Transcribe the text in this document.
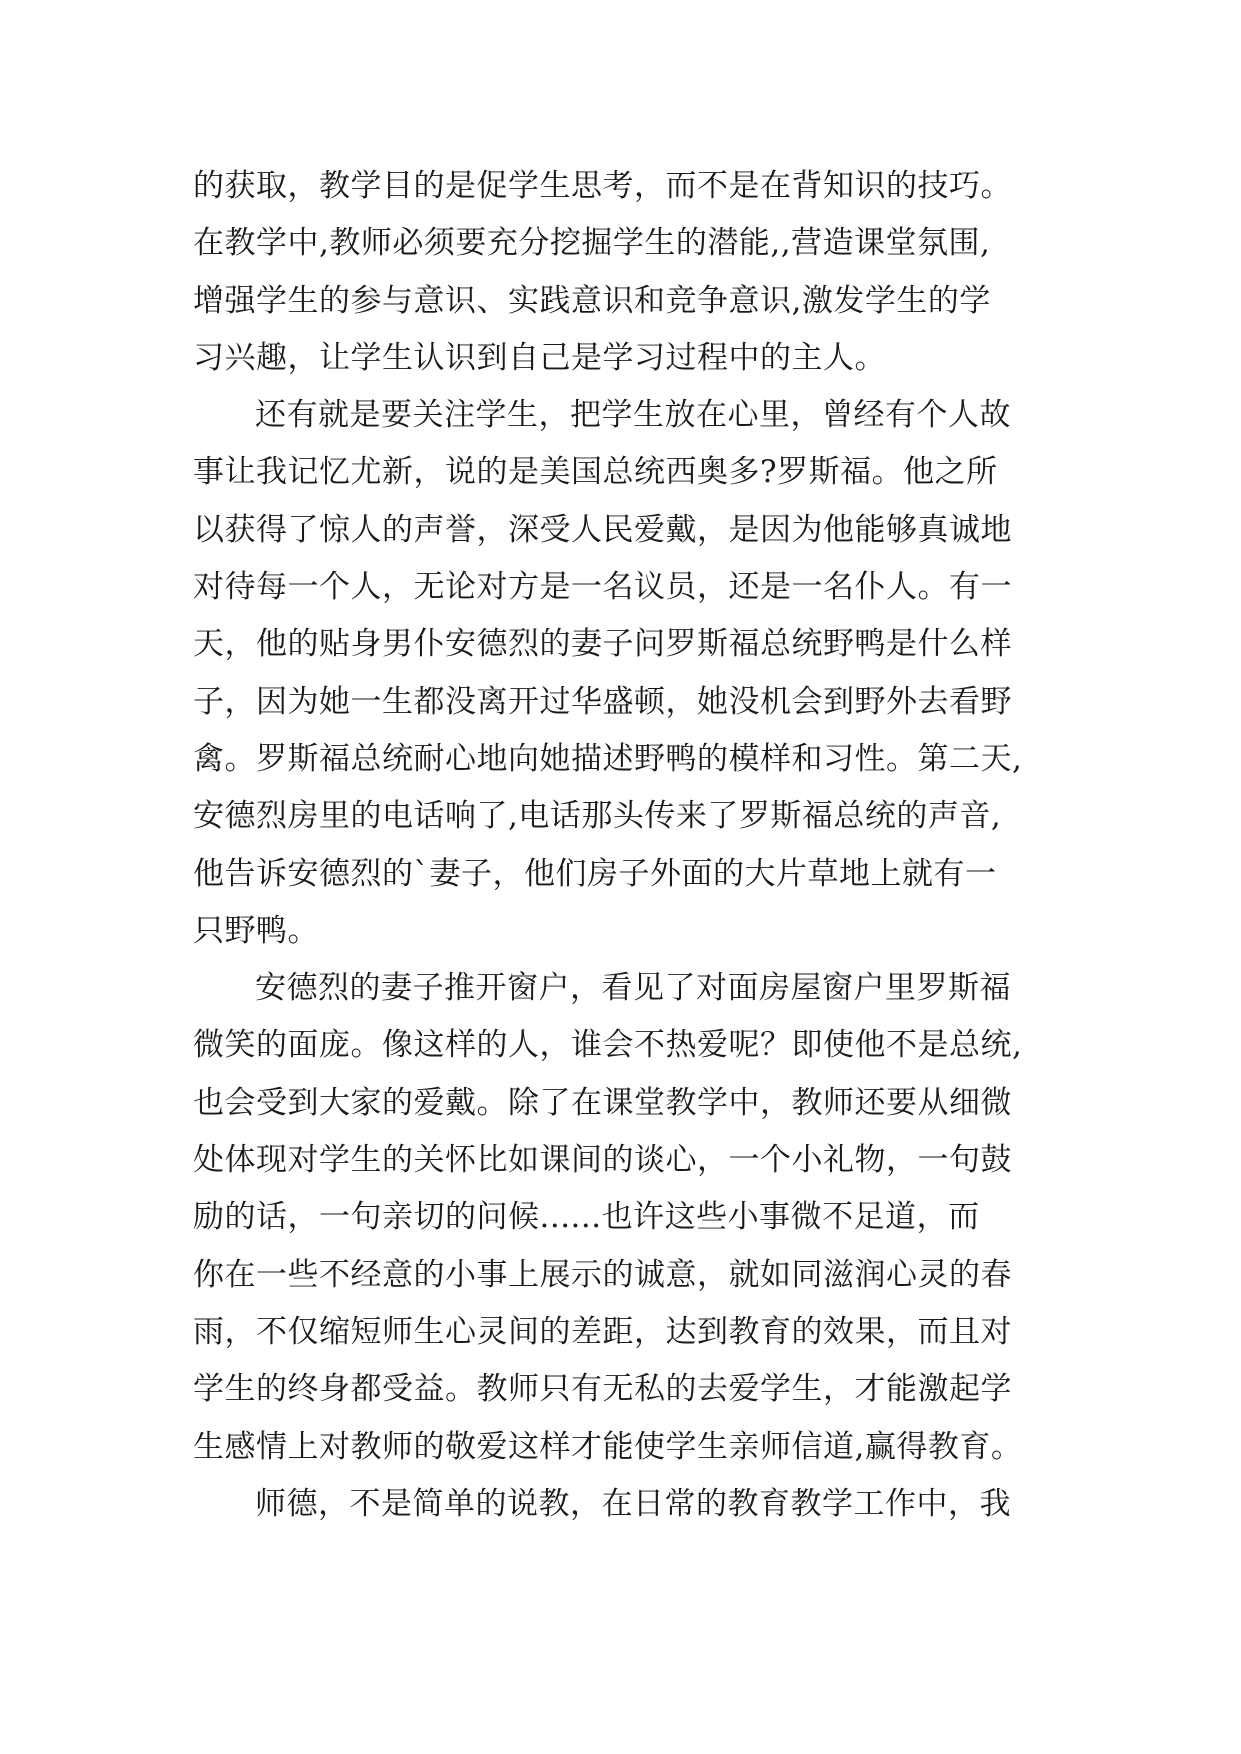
的获取，教学目的是促学生思考，而不是在背知识的技巧。
在教学中,教师必须要充分挖掘学生的潜能,,营造课堂氛围,
增强学生的参与意识、实践意识和竞争意识,激发学生的学
习兴趣，让学生认识到自己是学习过程中的主人。
还有就是要关注学生，把学生放在心里，曾经有个人故
事让我记忆尤新，说的是美国总统西奥多?罗斯福。他之所
以获得了惊人的声誉，深受人民爱戴，是因为他能够真诚地
对待每一个人，无论对方是一名议员，还是一名仆人。有一
天，他的贴身男仆安德烈的妻子问罗斯福总统野鸭是什么样
子，因为她一生都没离开过华盛顿，她没机会到野外去看野
禽。罗斯福总统耐心地向她描述野鸭的模样和习性。第二天,
安德烈房里的电话响了,电话那头传来了罗斯福总统的声音,
他告诉安德烈的`妻子，他们房子外面的大片草地上就有一
只野鸭。
安德烈的妻子推开窗户，看见了对面房屋窗户里罗斯福
微笑的面庞。像这样的人，谁会不热爱呢？即使他不是总统,
也会受到大家的爱戴。除了在课堂教学中，教师还要从细微
处体现对学生的关怀比如课间的谈心，一个小礼物，一句鼓
励的话，一句亲切的问候......也许这些小事微不足道，而
你在一些不经意的小事上展示的诚意，就如同滋润心灵的春
雨，不仅缩短师生心灵间的差距，达到教育的效果，而且对
学生的终身都受益。教师只有无私的去爱学生，才能激起学
生感情上对教师的敬爱这样才能使学生亲师信道,赢得教育。
师德，不是简单的说教，在日常的教育教学工作中，我
